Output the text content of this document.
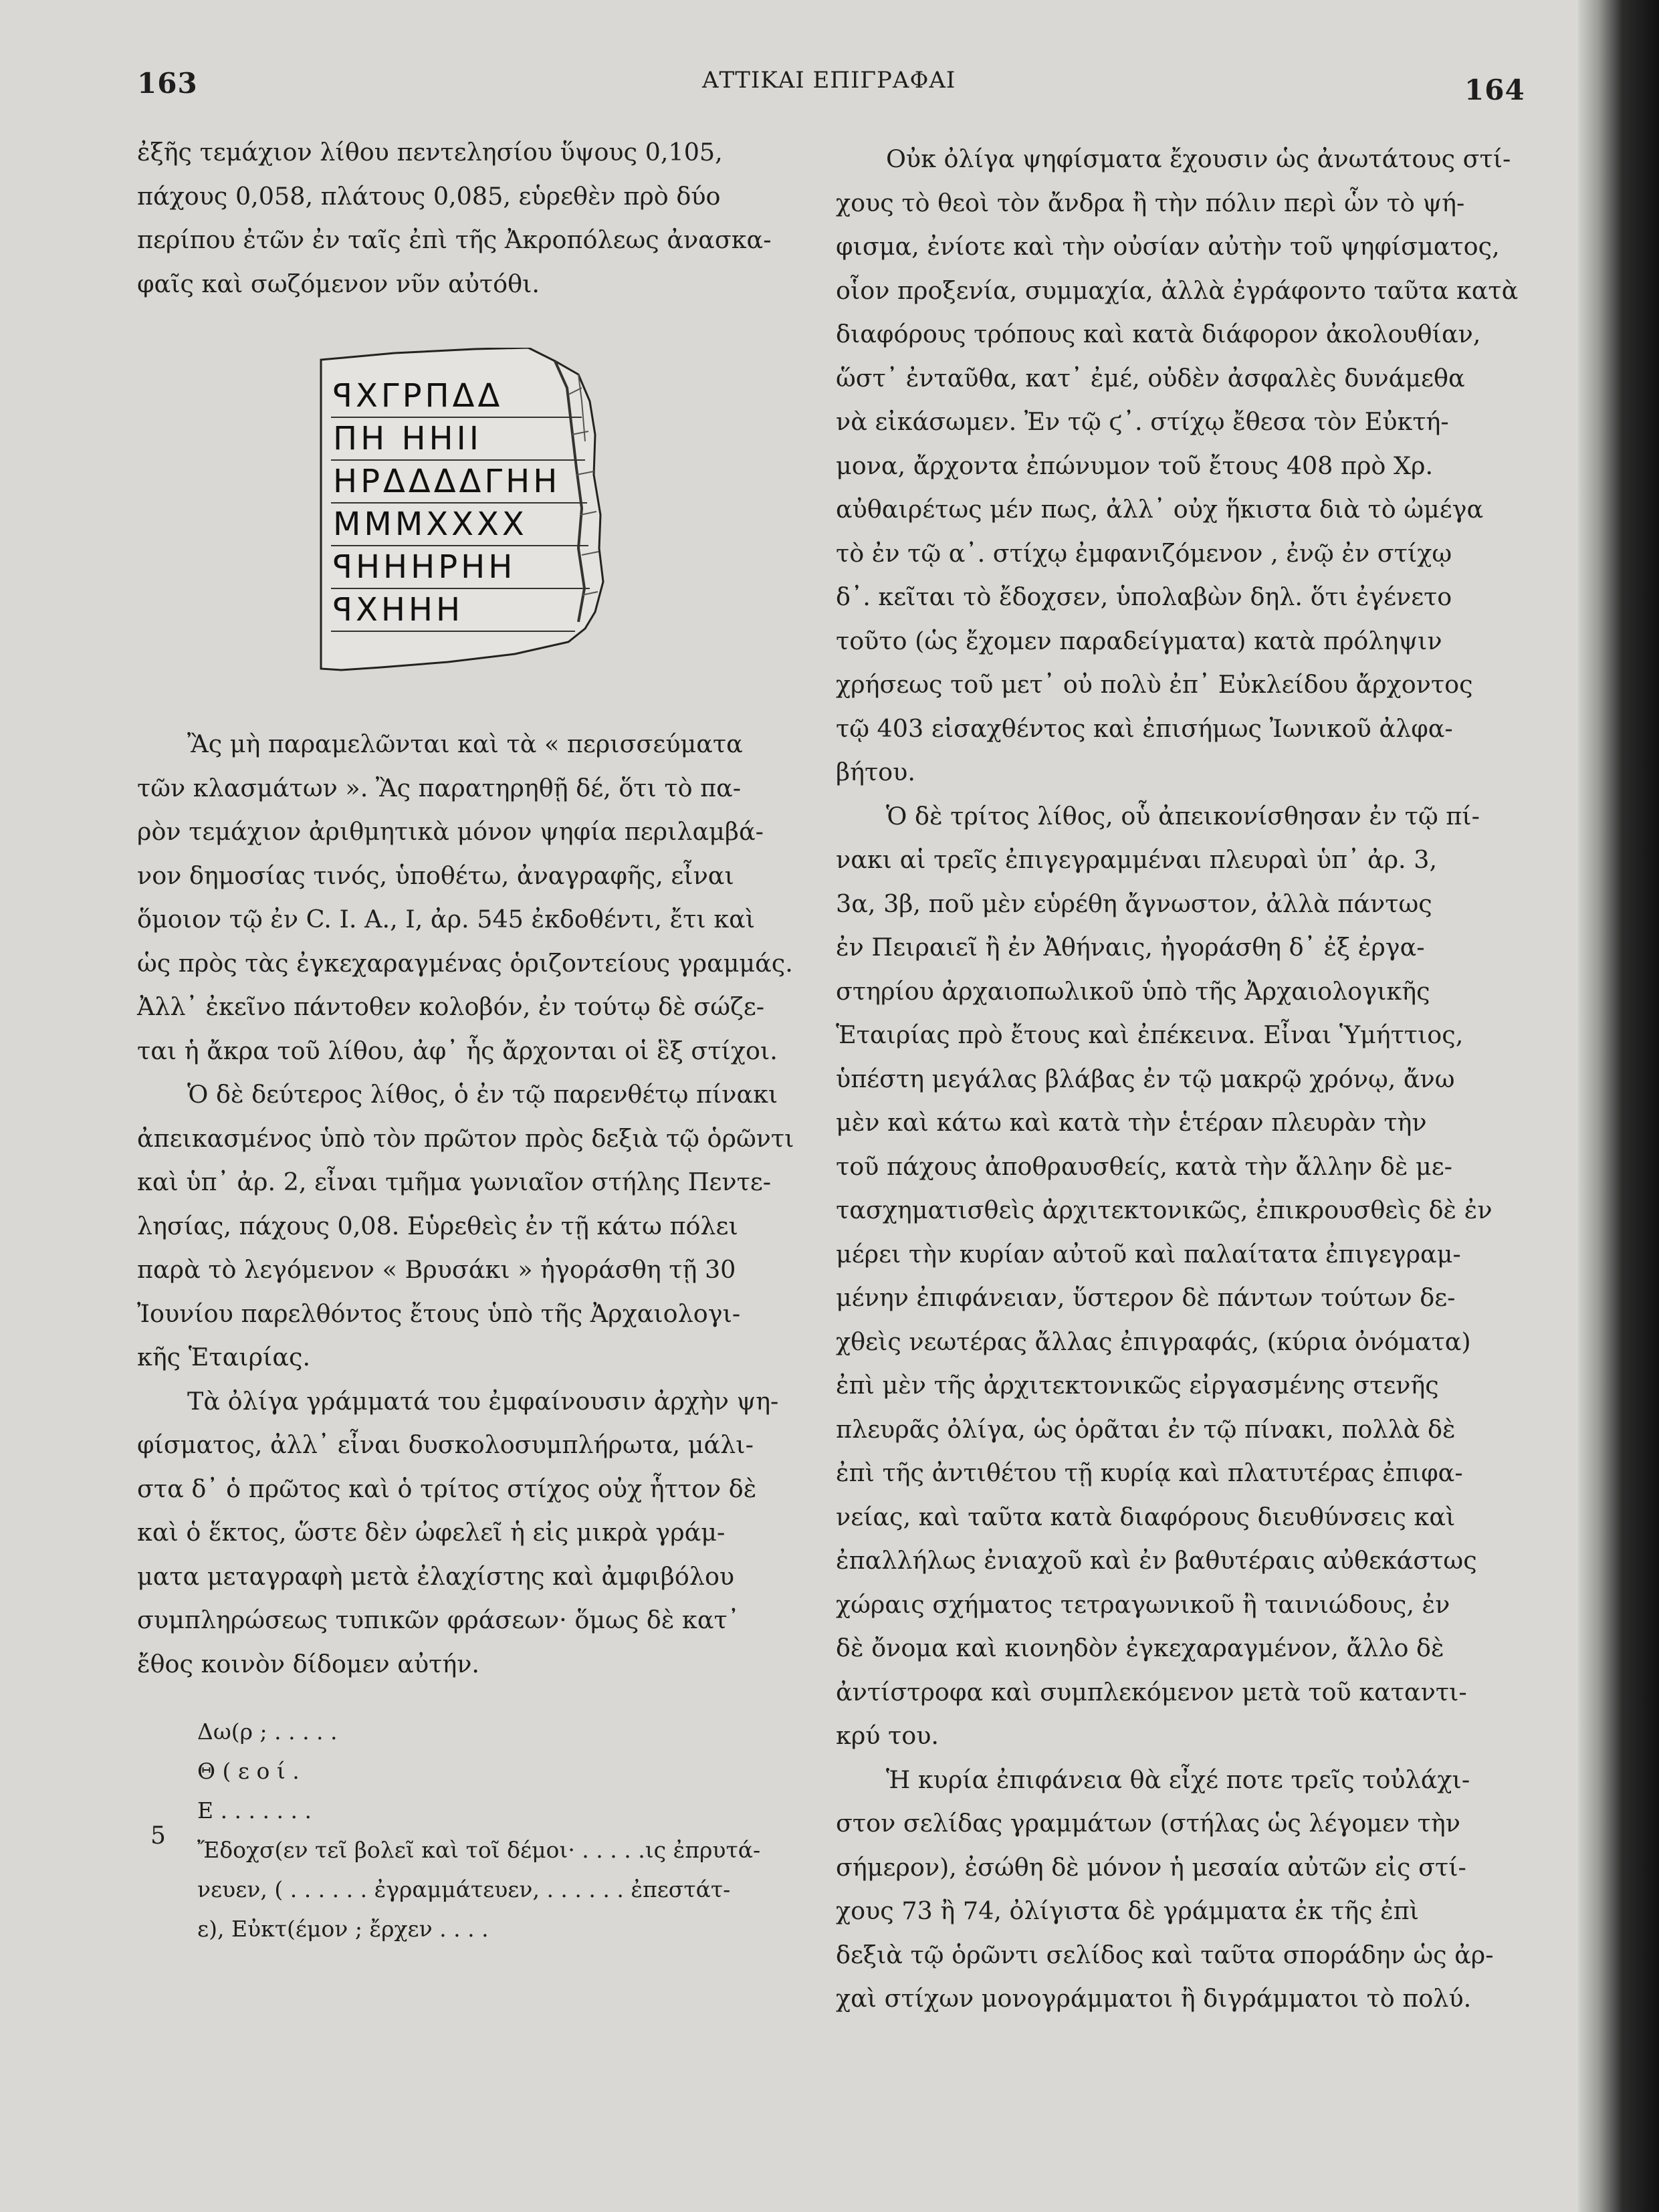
163	ΑΤΤΙΚΑΙ ΕΠΙΓΡΑΦΑΙ	164

ἐξῆς τεμάχιον λίθου πεντελησίου ὕψους 0,105,

πάχους 0,058, πλάτους 0,085, εὑρεθὲν πρὸ δύο

περίπου ἐτῶν ἐν ταῖς ἐπὶ τῆς Ἀκροπόλεως ἀνασκα-

φαῖς καὶ σωζόμενον νῦν αὐτόθι.

ꟼΧΓΡΠΔΔ
ΠΗ ΗΗΙΙ
ΗΡΔΔΔΔΓΗΗ
ΜΜΜΧΧΧΧ
ꟼΗΗΗΡΗΗ
ꟼΧΗΗΗ

Ἂς μὴ παραμελῶνται καὶ τὰ « περισσεύματα

τῶν κλασμάτων ». Ἂς παρατηρηθῇ δέ, ὅτι τὸ πα-

ρὸν τεμάχιον ἀριθμητικὰ μόνον ψηφία περιλαμβά-

νον δημοσίας τινός, ὑποθέτω, ἀναγραφῆς, εἶναι

ὅμοιον τῷ ἐν C. I. A., I, ἀρ. 545 ἐκδοθέντι, ἔτι καὶ

ὡς πρὸς τὰς ἐγκεχαραγμένας ὁριζοντείους γραμμάς.

Ἀλλ᾽ ἐκεῖνο πάντοθεν κολοβόν, ἐν τούτῳ δὲ σώζε-

ται ἡ ἄκρα τοῦ λίθου, ἀφ᾽ ἧς ἄρχονται οἱ ἓξ στίχοι.

Ὁ δὲ δεύτερος λίθος, ὁ ἐν τῷ παρενθέτῳ πίνακι

ἀπεικασμένος ὑπὸ τὸν πρῶτον πρὸς δεξιὰ τῷ ὁρῶντι

καὶ ὑπ᾽ ἀρ. 2, εἶναι τμῆμα γωνιαῖον στήλης Πεντε-

λησίας, πάχους 0,08. Εὑρεθεὶς ἐν τῇ κάτω πόλει

παρὰ τὸ λεγόμενον « Βρυσάκι » ἠγοράσθη τῇ 30

Ἰουνίου παρελθόντος ἔτους ὑπὸ τῆς Ἀρχαιολογι-

κῆς Ἑταιρίας.

Τὰ ὀλίγα γράμματά του ἐμφαίνουσιν ἀρχὴν ψη-

φίσματος, ἀλλ᾽ εἶναι δυσκολοσυμπλήρωτα, μάλι-

στα δ᾽ ὁ πρῶτος καὶ ὁ τρίτος στίχος οὐχ ἧττον δὲ

καὶ ὁ ἕκτος, ὥστε δὲν ὠφελεῖ ἡ εἰς μικρὰ γράμ-

ματα μεταγραφὴ μετὰ ἐλαχίστης καὶ ἀμφιβόλου

συμπληρώσεως τυπικῶν φράσεων· ὅμως δὲ κατ᾽

ἔθος κοινὸν δίδομεν αὐτήν.

Δω(ρ ; . . . . .

Θ ( ε ο ί .

E . . . . . . .

Ἔδοχσ(εν τεῖ βολεῖ καὶ τοῖ δέμοι· . . . . .ις ἐπρυτά-

νευεν, ( . . . . . . ἐγραμμάτευεν, . . . . . . ἐπεστάτ-

ε), Εὐκτ(έμον ; ἔρχεν . . . .

5

Οὐκ ὀλίγα ψηφίσματα ἔχουσιν ὡς ἀνωτάτους στί-

χους τὸ θεοὶ τὸν ἄνδρα ἢ τὴν πόλιν περὶ ὧν τὸ ψή-

φισμα, ἐνίοτε καὶ τὴν οὐσίαν αὐτὴν τοῦ ψηφίσματος,

οἷον προξενία, συμμαχία, ἀλλὰ ἐγράφοντο ταῦτα κατὰ

διαφόρους τρόπους καὶ κατὰ διάφορον ἀκολουθίαν,

ὥστ᾽ ἐνταῦθα, κατ᾽ ἐμέ, οὐδὲν ἀσφαλὲς δυνάμεθα

νὰ εἰκάσωμεν. Ἐν τῷ ϛ᾽. στίχῳ ἔθεσα τὸν Εὐκτή-

μονα, ἄρχοντα ἐπώνυμον τοῦ ἔτους 408 πρὸ Χρ.

αὐθαιρέτως μέν πως, ἀλλ᾽ οὐχ ἥκιστα διὰ τὸ ὠμέγα

τὸ ἐν τῷ α᾽. στίχῳ ἐμφανιζόμενον , ἐνῷ ἐν στίχῳ

δ᾽. κεῖται τὸ ἔδοχσεν, ὑπολαβὼν δηλ. ὅτι ἐγένετο

τοῦτο (ὡς ἔχομεν παραδείγματα) κατὰ πρόληψιν

χρήσεως τοῦ μετ᾽ οὐ πολὺ ἐπ᾽ Εὐκλείδου ἄρχοντος

τῷ 403 εἰσαχθέντος καὶ ἐπισήμως Ἰωνικοῦ ἀλφα-

βήτου.

Ὁ δὲ τρίτος λίθος, οὗ ἀπεικονίσθησαν ἐν τῷ πί-

νακι αἱ τρεῖς ἐπιγεγραμμέναι πλευραὶ ὑπ᾽ ἀρ. 3,

3α, 3β, ποῦ μὲν εὑρέθη ἄγνωστον, ἀλλὰ πάντως

ἐν Πειραιεῖ ἢ ἐν Ἀθήναις, ἠγοράσθη δ᾽ ἐξ ἐργα-

στηρίου ἀρχαιοπωλικοῦ ὑπὸ τῆς Ἀρχαιολογικῆς

Ἑταιρίας πρὸ ἔτους καὶ ἐπέκεινα. Εἶναι Ὑμήττιος,

ὑπέστη μεγάλας βλάβας ἐν τῷ μακρῷ χρόνῳ, ἄνω

μὲν καὶ κάτω καὶ κατὰ τὴν ἑτέραν πλευρὰν τὴν

τοῦ πάχους ἀποθραυσθείς, κατὰ τὴν ἄλλην δὲ με-

τασχηματισθεὶς ἀρχιτεκτονικῶς, ἐπικρουσθεὶς δὲ ἐν

μέρει τὴν κυρίαν αὐτοῦ καὶ παλαίτατα ἐπιγεγραμ-

μένην ἐπιφάνειαν, ὕστερον δὲ πάντων τούτων δε-

χθεὶς νεωτέρας ἄλλας ἐπιγραφάς, (κύρια ὀνόματα)

ἐπὶ μὲν τῆς ἀρχιτεκτονικῶς εἰργασμένης στενῆς

πλευρᾶς ὀλίγα, ὡς ὁρᾶται ἐν τῷ πίνακι, πολλὰ δὲ

ἐπὶ τῆς ἀντιθέτου τῇ κυρίᾳ καὶ πλατυτέρας ἐπιφα-

νείας, καὶ ταῦτα κατὰ διαφόρους διευθύνσεις καὶ

ἐπαλλήλως ἐνιαχοῦ καὶ ἐν βαθυτέραις αὐθεκάστως

χώραις σχήματος τετραγωνικοῦ ἢ ταινιώδους, ἐν

δὲ ὄνομα καὶ κιονηδὸν ἐγκεχαραγμένον, ἄλλο δὲ

ἀντίστροφα καὶ συμπλεκόμενον μετὰ τοῦ καταντι-

κρύ του.

Ἡ κυρία ἐπιφάνεια θὰ εἶχέ ποτε τρεῖς τοὐλάχι-

στον σελίδας γραμμάτων (στήλας ὡς λέγομεν τὴν

σήμερον), ἐσώθη δὲ μόνον ἡ μεσαία αὐτῶν εἰς στί-

χους 73 ἢ 74, ὀλίγιστα δὲ γράμματα ἐκ τῆς ἐπὶ

δεξιὰ τῷ ὁρῶντι σελίδος καὶ ταῦτα σποράδην ὡς ἀρ-

χαὶ στίχων μονογράμματοι ἢ διγράμματοι τὸ πολύ.
